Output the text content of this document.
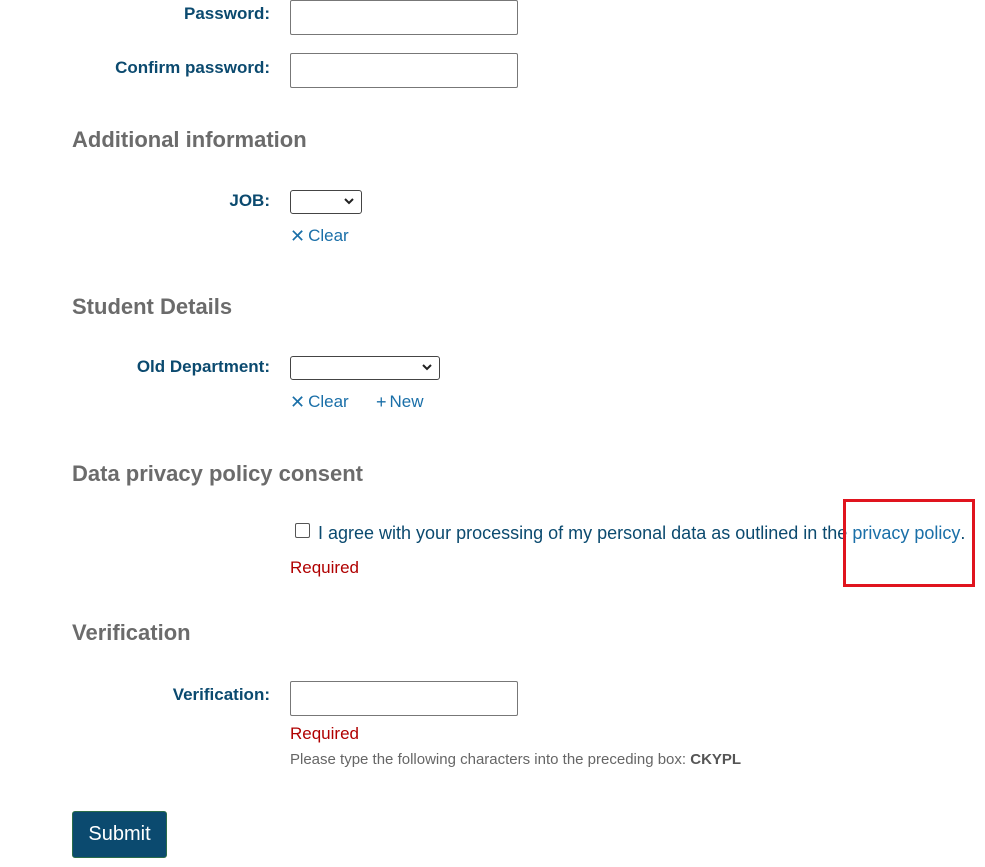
Password:
Confirm password:
Additional information
JOB:
✕ Clear
Student Details
Old Department:
✕ Clear + New
Data privacy policy consent
I agree with your processing of my personal data as outlined in the privacy policy .
Required
Verification
Verification:
Required
Please type the following characters into the preceding box: CKYPL
Submit
